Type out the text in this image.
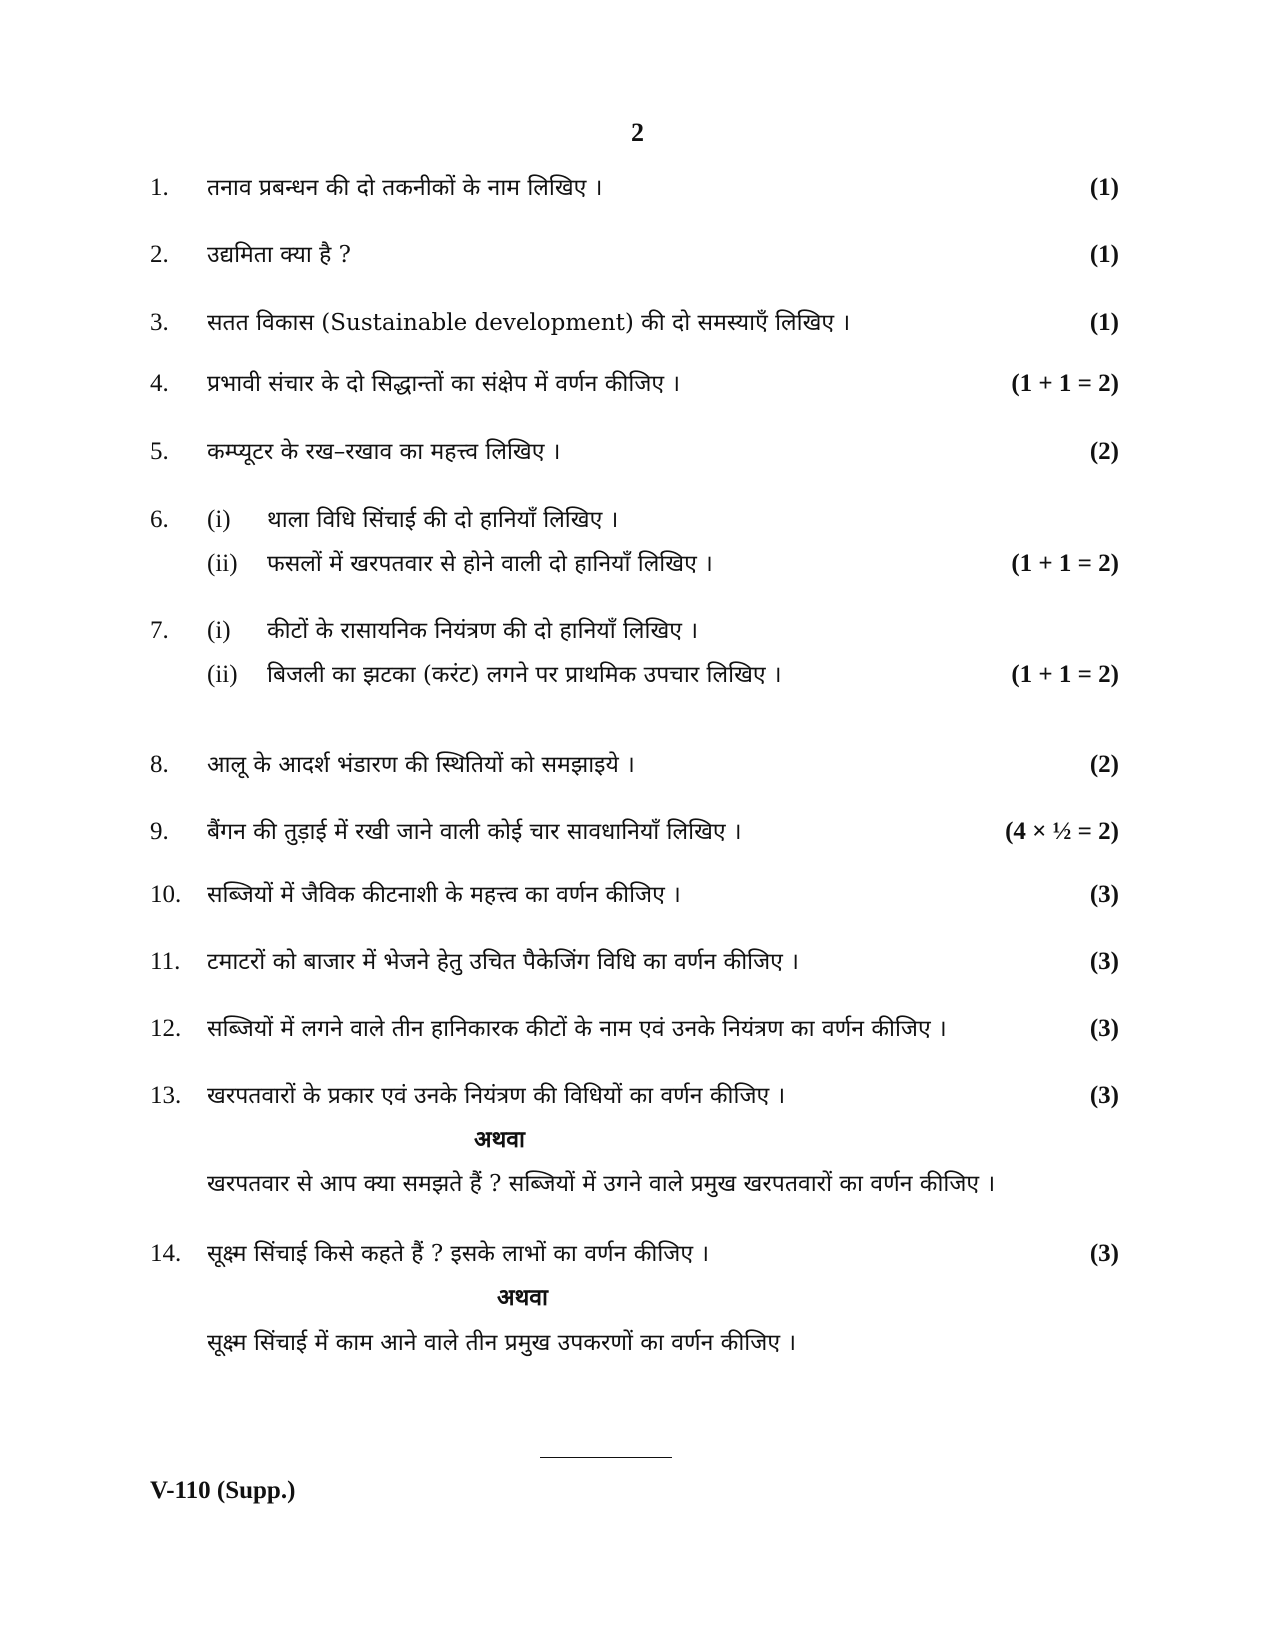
2
1. तनाव प्रबन्धन की दो तकनीकों के नाम लिखिए ।	(1)
2. उद्यमिता क्या है ?	(1)
3. सतत विकास (Sustainable development) की दो समस्याएँ लिखिए ।	(1)
4. प्रभावी संचार के दो सिद्धान्तों का संक्षेप में वर्णन कीजिए ।	(1 + 1 = 2)
5. कम्प्यूटर के रख–रखाव का महत्त्व लिखिए ।	(2)
6. (i) थाला विधि सिंचाई की दो हानियाँ लिखिए ।
(ii) फसलों में खरपतवार से होने वाली दो हानियाँ लिखिए ।	(1 + 1 = 2)
7. (i) कीटों के रासायनिक नियंत्रण की दो हानियाँ लिखिए ।
(ii) बिजली का झटका (करंट) लगने पर प्राथमिक उपचार लिखिए ।	(1 + 1 = 2)
8. आलू के आदर्श भंडारण की स्थितियों को समझाइये ।	(2)
9. बैंगन की तुड़ाई में रखी जाने वाली कोई चार सावधानियाँ लिखिए ।	(4 × ½ = 2)
10. सब्जियों में जैविक कीटनाशी के महत्त्व का वर्णन कीजिए ।	(3)
11. टमाटरों को बाजार में भेजने हेतु उचित पैकेजिंग विधि का वर्णन कीजिए ।	(3)
12. सब्जियों में लगने वाले तीन हानिकारक कीटों के नाम एवं उनके नियंत्रण का वर्णन कीजिए ।	(3)
13. खरपतवारों के प्रकार एवं उनके नियंत्रण की विधियों का वर्णन कीजिए ।	(3)
अथवा
खरपतवार से आप क्या समझते हैं ? सब्जियों में उगने वाले प्रमुख खरपतवारों का वर्णन कीजिए ।
14. सूक्ष्म सिंचाई किसे कहते हैं ? इसके लाभों का वर्णन कीजिए ।	(3)
अथवा
सूक्ष्म सिंचाई में काम आने वाले तीन प्रमुख उपकरणों का वर्णन कीजिए ।
V-110 (Supp.)
